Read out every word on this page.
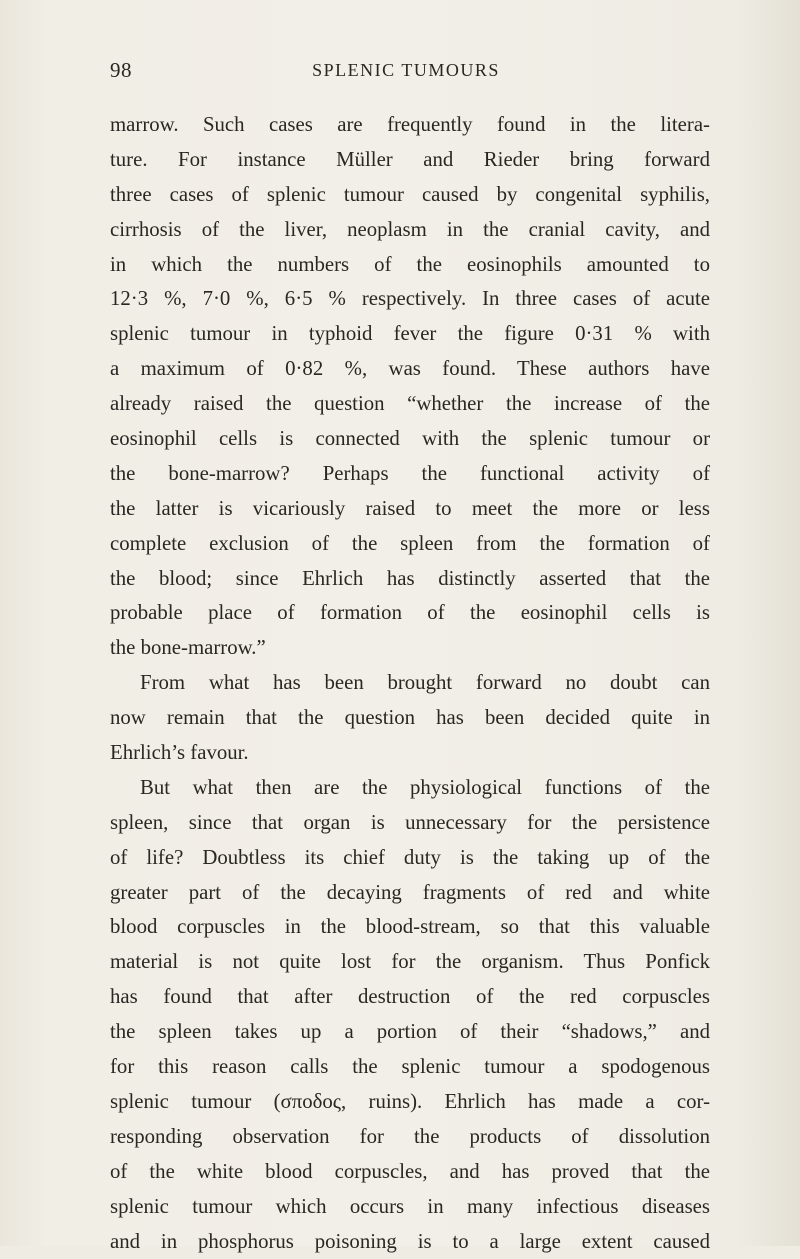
98	SPLENIC TUMOURS
marrow. Such cases are frequently found in the litera-
ture. For instance Müller and Rieder bring forward
three cases of splenic tumour caused by congenital syphilis,
cirrhosis of the liver, neoplasm in the cranial cavity, and
in which the numbers of the eosinophils amounted to
12·3 %, 7·0 %, 6·5 % respectively. In three cases of acute
splenic tumour in typhoid fever the figure 0·31 % with
a maximum of 0·82 %, was found. These authors have
already raised the question “whether the increase of the
eosinophil cells is connected with the splenic tumour or
the bone-marrow? Perhaps the functional activity of
the latter is vicariously raised to meet the more or less
complete exclusion of the spleen from the formation of
the blood; since Ehrlich has distinctly asserted that the
probable place of formation of the eosinophil cells is
the bone-marrow.”
From what has been brought forward no doubt can
now remain that the question has been decided quite in
Ehrlich’s favour.
But what then are the physiological functions of the
spleen, since that organ is unnecessary for the persistence
of life? Doubtless its chief duty is the taking up of the
greater part of the decaying fragments of red and white
blood corpuscles in the blood-stream, so that this valuable
material is not quite lost for the organism. Thus Ponfick
has found that after destruction of the red corpuscles
the spleen takes up a portion of their “shadows,” and
for this reason calls the splenic tumour a spodogenous
splenic tumour (σποδος, ruins). Ehrlich has made a cor-
responding observation for the products of dissolution
of the white blood corpuscles, and has proved that the
splenic tumour which occurs in many infectious diseases
and in phosphorus poisoning is to a large extent caused
